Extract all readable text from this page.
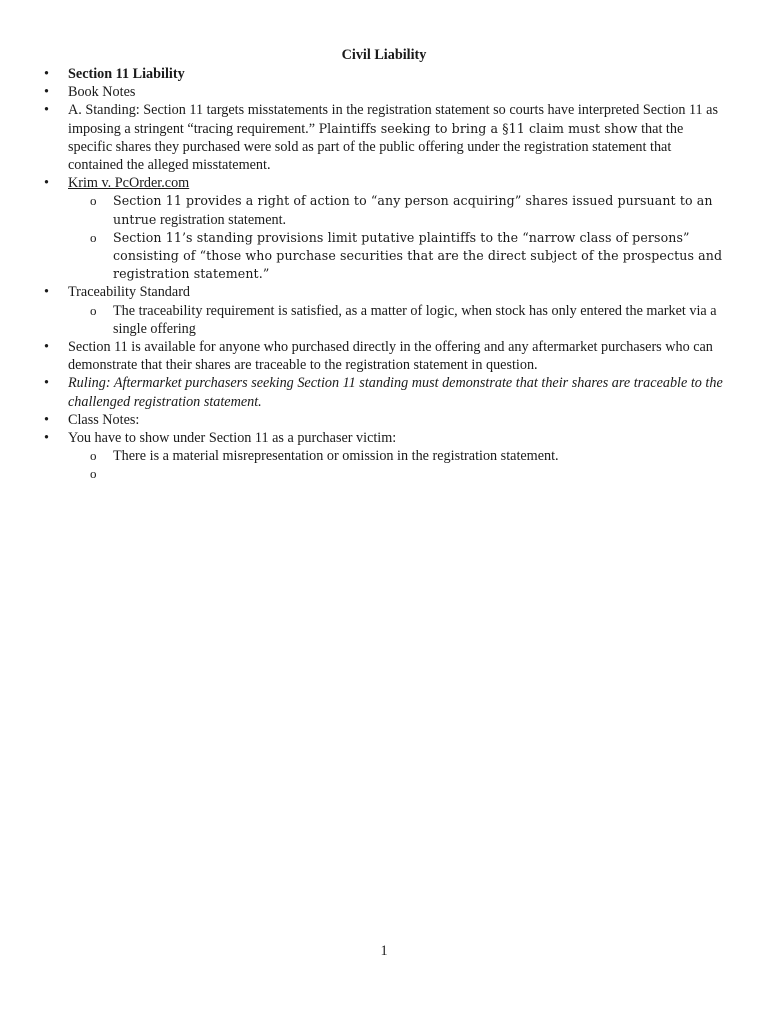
Civil Liability
•	Section 11 Liability
•	Book Notes
•	A. Standing: Section 11 targets misstatements in the registration statement so courts have interpreted Section 11 as imposing a stringent “tracing requirement.” Plaintiffs seeking to bring a §11 claim must show that the specific shares they purchased were sold as part of the public offering under the registration statement that contained the alleged misstatement.
•	Krim v. PcOrder.com
o	Section 11 provides a right of action to “any person acquiring” shares issued pursuant to an untrue registration statement.
o	Section 11’s standing provisions limit putative plaintiffs to the “narrow class of persons” consisting of “those who purchase securities that are the direct subject of the prospectus and registration statement.”
•	Traceability Standard
o	The traceability requirement is satisfied, as a matter of logic, when stock has only entered the market via a single offering
•	Section 11 is available for anyone who purchased directly in the offering and any aftermarket purchasers who can demonstrate that their shares are traceable to the registration statement in question.
•	Ruling: Aftermarket purchasers seeking Section 11 standing must demonstrate that their shares are traceable to the challenged registration statement.
•	Class Notes:
•	You have to show under Section 11 as a purchaser victim:
o	There is a material misrepresentation or omission in the registration statement.
o

1
